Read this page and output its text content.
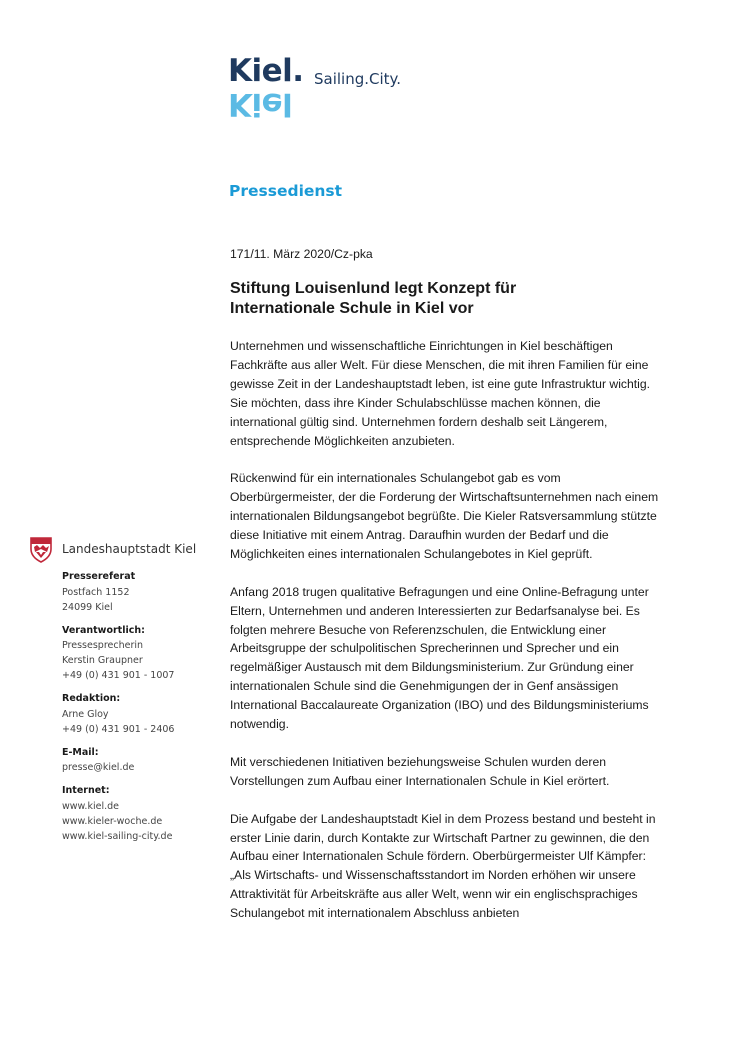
Kiel.
Kiel
Sailing.City.
Pressedienst
171/11. März 2020/Cz-pka
Stiftung Louisenlund legt Konzept für
Internationale Schule in Kiel vor

Unternehmen und wissenschaftliche Einrichtungen in Kiel beschäftigen Fachkräfte aus aller Welt. Für diese Menschen, die mit ihren Familien für eine gewisse Zeit in der Landeshauptstadt leben, ist eine gute Infrastruktur wichtig. Sie möchten, dass ihre Kinder Schulabschlüsse machen können, die international gültig sind. Unternehmen fordern deshalb seit Längerem, entsprechende Möglichkeiten anzubieten.

Rückenwind für ein internationales Schulangebot gab es vom Oberbürgermeister, der die Forderung der Wirtschaftsunternehmen nach einem internationalen Bildungsangebot begrüßte. Die Kieler Ratsversammlung stützte diese Initiative mit einem Antrag. Daraufhin wurden der Bedarf und die Möglichkeiten eines internationalen Schulangebotes in Kiel geprüft.

Anfang 2018 trugen qualitative Befragungen und eine Online-Befragung unter Eltern, Unternehmen und anderen Interessierten zur Bedarfsanalyse bei. Es folgten mehrere Besuche von Referenzschulen, die Entwicklung einer Arbeitsgruppe der schulpolitischen Sprecherinnen und Sprecher und ein regelmäßiger Austausch mit dem Bildungsministerium. Zur Gründung einer internationalen Schule sind die Genehmigungen der in Genf ansässigen International Baccalaureate Organization (IBO) und des Bildungsministeriums notwendig.

Mit verschiedenen Initiativen beziehungsweise Schulen wurden deren Vorstellungen zum Aufbau einer Internationalen Schule in Kiel erörtert.

Die Aufgabe der Landeshauptstadt Kiel in dem Prozess bestand und besteht in erster Linie darin, durch Kontakte zur Wirtschaft Partner zu gewinnen, die den Aufbau einer Internationalen Schule fördern. Oberbürgermeister Ulf Kämpfer: „Als Wirtschafts- und Wissenschaftsstandort im Norden erhöhen wir unsere Attraktivität für Arbeitskräfte aus aller Welt, wenn wir ein englischsprachiges Schulangebot mit internationalem Abschluss anbieten

Landeshauptstadt Kiel
Pressereferat
Postfach 1152
24099 Kiel
Verantwortlich:
Pressesprecherin
Kerstin Graupner
+49 (0) 431 901 - 1007
Redaktion:
Arne Gloy
+49 (0) 431 901 - 2406
E-Mail:
presse@kiel.de
Internet:
www.kiel.de
www.kieler-woche.de
www.kiel-sailing-city.de
